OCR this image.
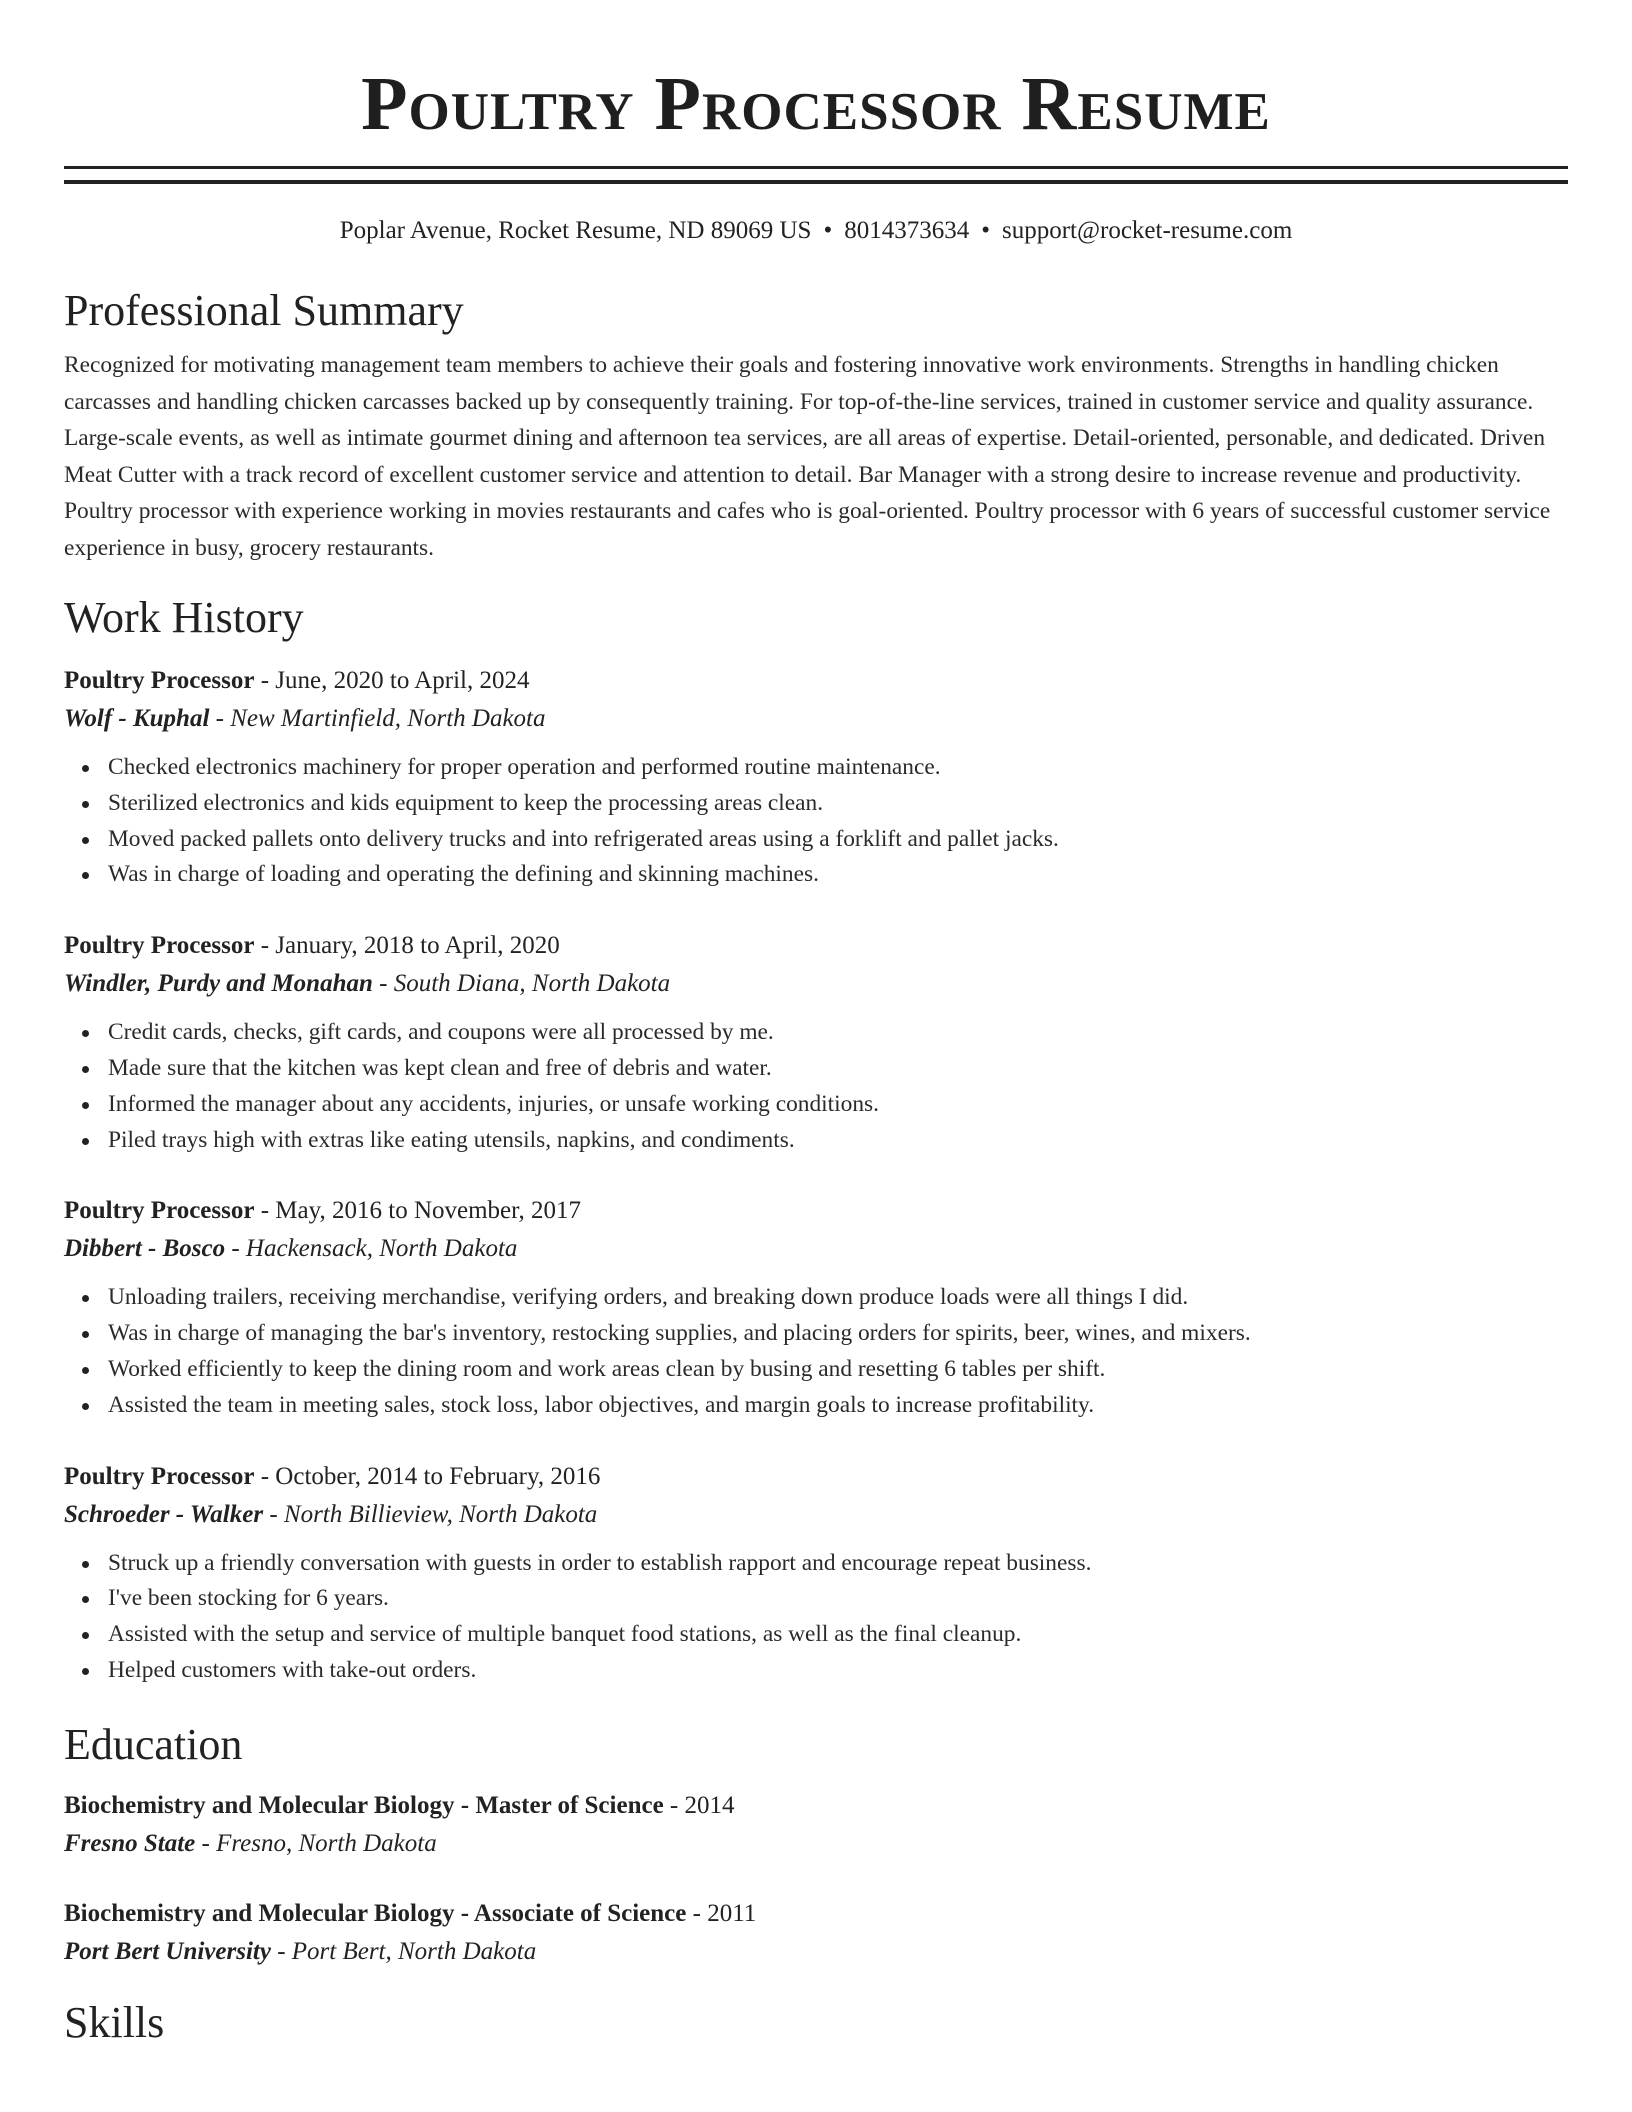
Poultry Processor Resume
Poplar Avenue, Rocket Resume, ND 89069 US • 8014373634 • support@rocket-resume.com
Professional Summary
Recognized for motivating management team members to achieve their goals and fostering innovative work environments. Strengths in handling chicken carcasses and handling chicken carcasses backed up by consequently training. For top-of-the-line services, trained in customer service and quality assurance. Large-scale events, as well as intimate gourmet dining and afternoon tea services, are all areas of expertise. Detail-oriented, personable, and dedicated. Driven Meat Cutter with a track record of excellent customer service and attention to detail. Bar Manager with a strong desire to increase revenue and productivity. Poultry processor with experience working in movies restaurants and cafes who is goal-oriented. Poultry processor with 6 years of successful customer service experience in busy, grocery restaurants.
Work History
Poultry Processor - June, 2020 to April, 2024
Wolf - Kuphal - New Martinfield, North Dakota
Checked electronics machinery for proper operation and performed routine maintenance.
Sterilized electronics and kids equipment to keep the processing areas clean.
Moved packed pallets onto delivery trucks and into refrigerated areas using a forklift and pallet jacks.
Was in charge of loading and operating the defining and skinning machines.
Poultry Processor - January, 2018 to April, 2020
Windler, Purdy and Monahan - South Diana, North Dakota
Credit cards, checks, gift cards, and coupons were all processed by me.
Made sure that the kitchen was kept clean and free of debris and water.
Informed the manager about any accidents, injuries, or unsafe working conditions.
Piled trays high with extras like eating utensils, napkins, and condiments.
Poultry Processor - May, 2016 to November, 2017
Dibbert - Bosco - Hackensack, North Dakota
Unloading trailers, receiving merchandise, verifying orders, and breaking down produce loads were all things I did.
Was in charge of managing the bar's inventory, restocking supplies, and placing orders for spirits, beer, wines, and mixers.
Worked efficiently to keep the dining room and work areas clean by busing and resetting 6 tables per shift.
Assisted the team in meeting sales, stock loss, labor objectives, and margin goals to increase profitability.
Poultry Processor - October, 2014 to February, 2016
Schroeder - Walker - North Billieview, North Dakota
Struck up a friendly conversation with guests in order to establish rapport and encourage repeat business.
I've been stocking for 6 years.
Assisted with the setup and service of multiple banquet food stations, as well as the final cleanup.
Helped customers with take-out orders.
Education
Biochemistry and Molecular Biology - Master of Science - 2014
Fresno State - Fresno, North Dakota
Biochemistry and Molecular Biology - Associate of Science - 2011
Port Bert University - Port Bert, North Dakota
Skills
